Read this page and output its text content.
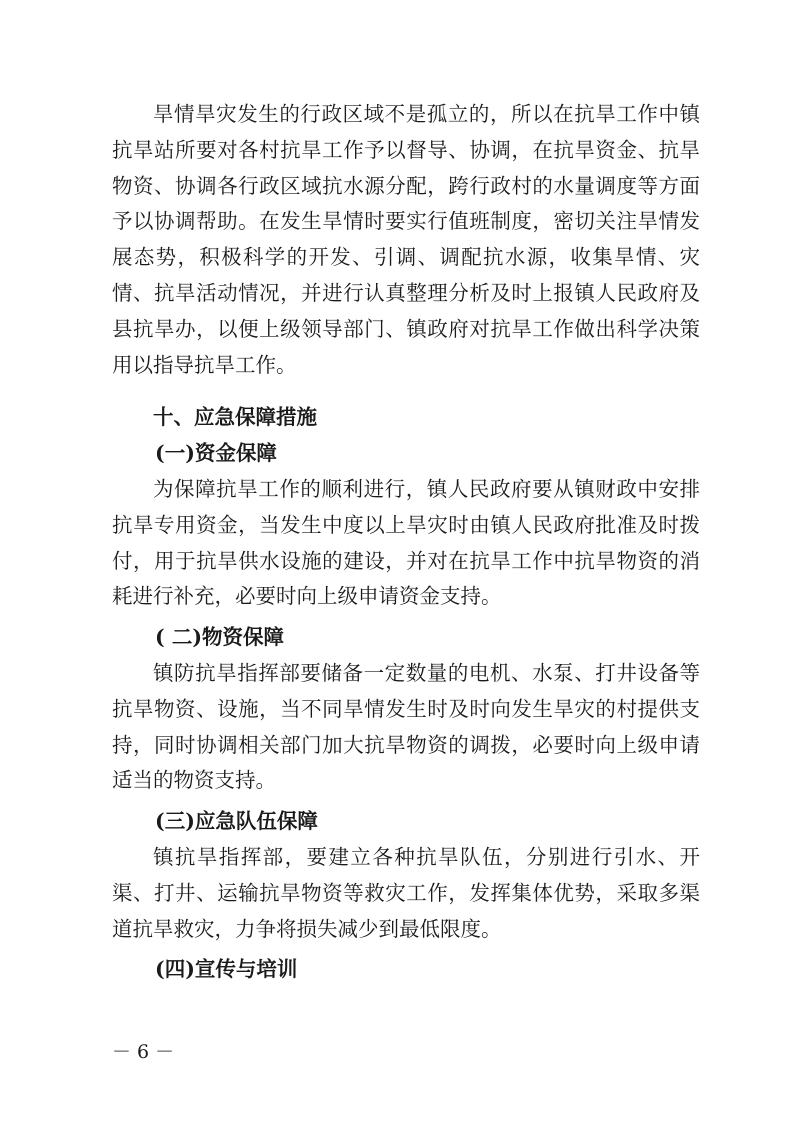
旱情旱灾发生的行政区域不是孤立的，所以在抗旱工作中镇抗旱站所要对各村抗旱工作予以督导、协调，在抗旱资金、抗旱物资、协调各行政区域抗水源分配，跨行政村的水量调度等方面予以协调帮助。在发生旱情时要实行值班制度，密切关注旱情发展态势，积极科学的开发、引调、调配抗水源，收集旱情、灾情、抗旱活动情况，并进行认真整理分析及时上报镇人民政府及县抗旱办，以便上级领导部门、镇政府对抗旱工作做出科学决策用以指导抗旱工作。

十、应急保障措施

(一)资金保障

为保障抗旱工作的顺利进行，镇人民政府要从镇财政中安排抗旱专用资金，当发生中度以上旱灾时由镇人民政府批准及时拨付，用于抗旱供水设施的建设，并对在抗旱工作中抗旱物资的消耗进行补充，必要时向上级申请资金支持。

( 二)物资保障

镇防抗旱指挥部要储备一定数量的电机、水泵、打井设备等抗旱物资、设施，当不同旱情发生时及时向发生旱灾的村提供支持，同时协调相关部门加大抗旱物资的调拨，必要时向上级申请适当的物资支持。

(三)应急队伍保障

镇抗旱指挥部，要建立各种抗旱队伍，分别进行引水、开渠、打井、运输抗旱物资等救灾工作，发挥集体优势，采取多渠道抗旱救灾，力争将损失减少到最低限度。

(四)宣传与培训

－ 6 －
